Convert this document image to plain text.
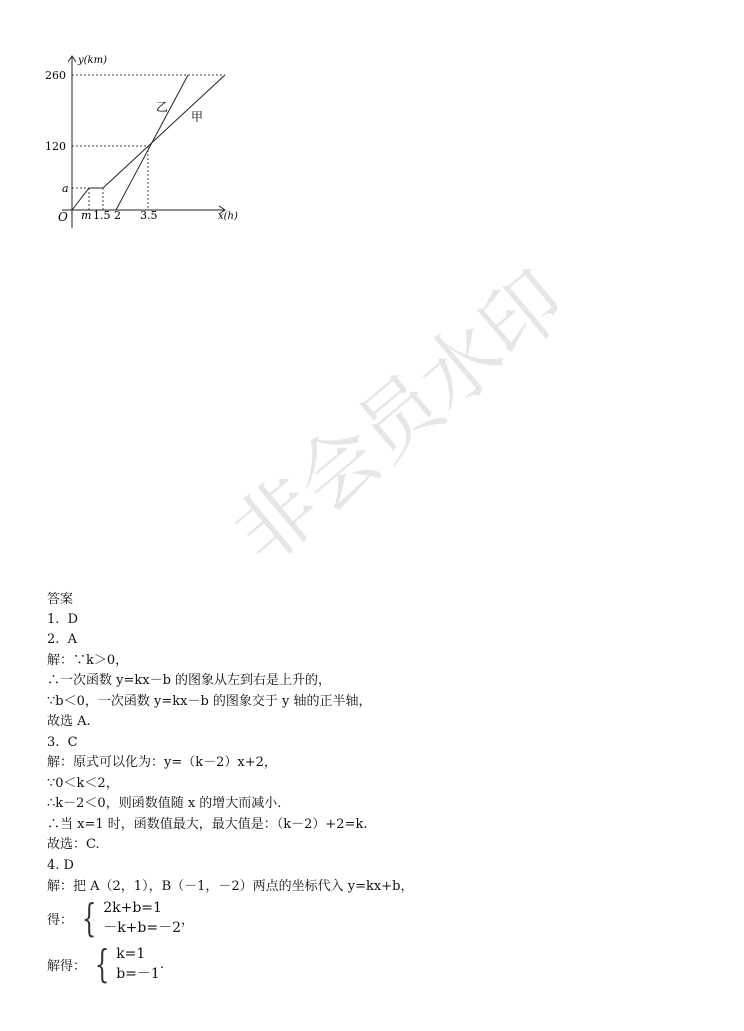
非会员水印
y(km)
x(h)
O
260
120
a
m 1.5 2 3.5
乙
甲
答案
1.  D
2.  A
解：∵k＞0，
∴一次函数 y=kx－b 的图象从左到右是上升的，
∵b＜0，一次函数 y=kx－b 的图象交于 y 轴的正半轴，
故选 A.
3.  C
解：原式可以化为：y=（k－2）x+2，
∵0＜k＜2，
∴k－2＜0，则函数值随 x 的增大而减小.
∴当 x=1 时，函数值最大，最大值是：（k－2）+2=k.
故选：C.
4. D
解：把 A（2，1），B（－1，－2）两点的坐标代入 y=kx+b，
得： { 2k+b=1
－k+b=－2 ，
解得： { k=1
b=－1
.
